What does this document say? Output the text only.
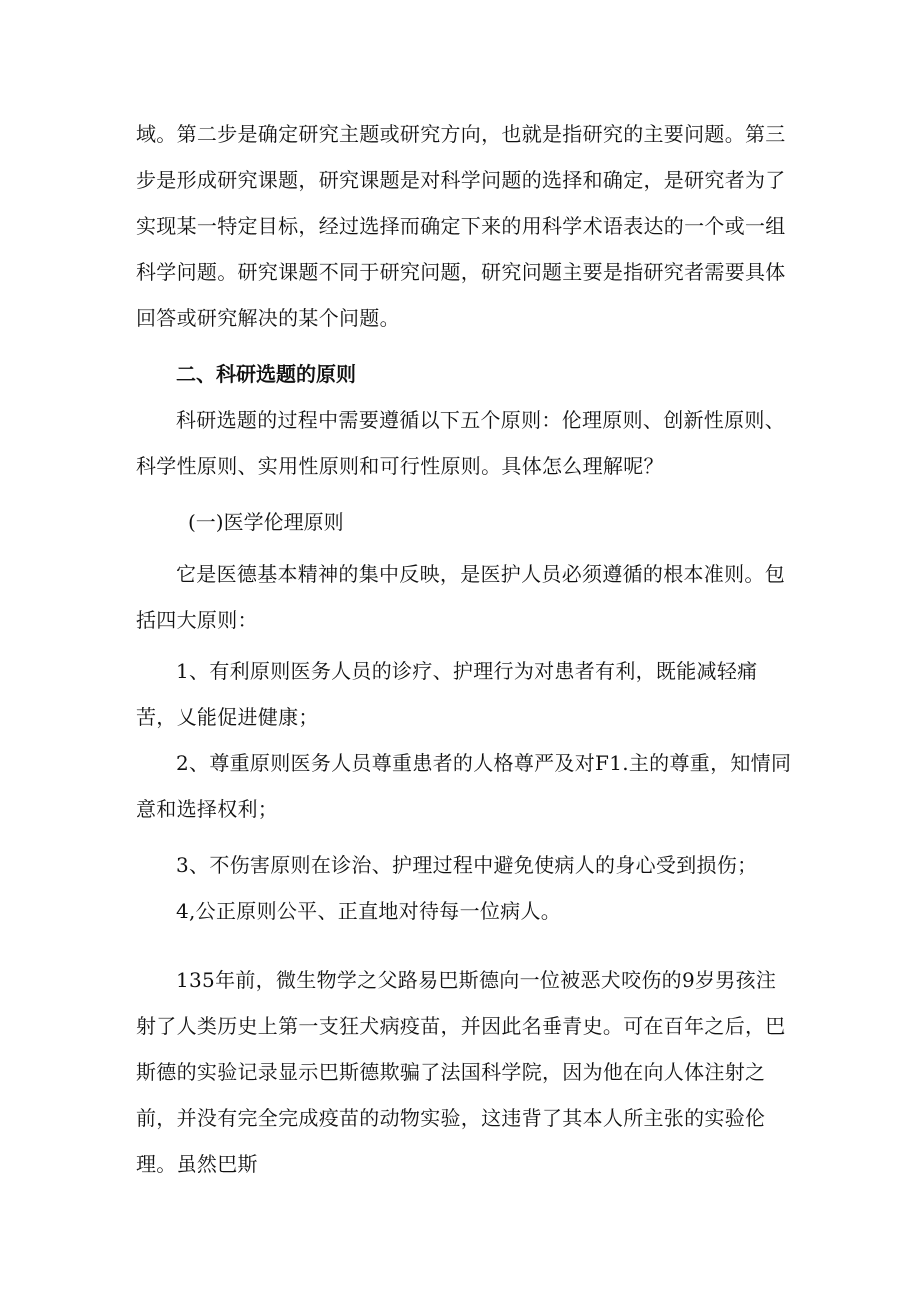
域。第二步是确定研究主题或研究方向，也就是指研究的主要问题。第三步是形成研究课题，研究课题是对科学问题的选择和确定，是研究者为了实现某一特定目标，经过选择而确定下来的用科学术语表达的一个或一组科学问题。研究课题不同于研究问题，研究问题主要是指研究者需要具体回答或研究解决的某个问题。

二、科研选题的原则

科研选题的过程中需要遵循以下五个原则：伦理原则、创新性原则、科学性原则、实用性原则和可行性原则。具体怎么理解呢？

(一)医学伦理原则

它是医德基本精神的集中反映，是医护人员必须遵循的根本准则。包括四大原则：

1、有利原则医务人员的诊疗、护理行为对患者有利，既能减轻痛苦，乂能促进健康；

2、尊重原则医务人员尊重患者的人格尊严及对F1.主的尊重，知情同意和选择权利；

3、不伤害原则在诊治、护理过程中避免使病人的身心受到损伤；

4,公正原则公平、正直地对待每一位病人。

135年前，微生物学之父路易巴斯德向一位被恶犬咬伤的9岁男孩注射了人类历史上第一支狂犬病疫苗，并因此名垂青史。可在百年之后，巴斯德的实验记录显示巴斯德欺骗了法国科学院，因为他在向人体注射之前，并没有完全完成疫苗的动物实验，这违背了其本人所主张的实验伦理。虽然巴斯
